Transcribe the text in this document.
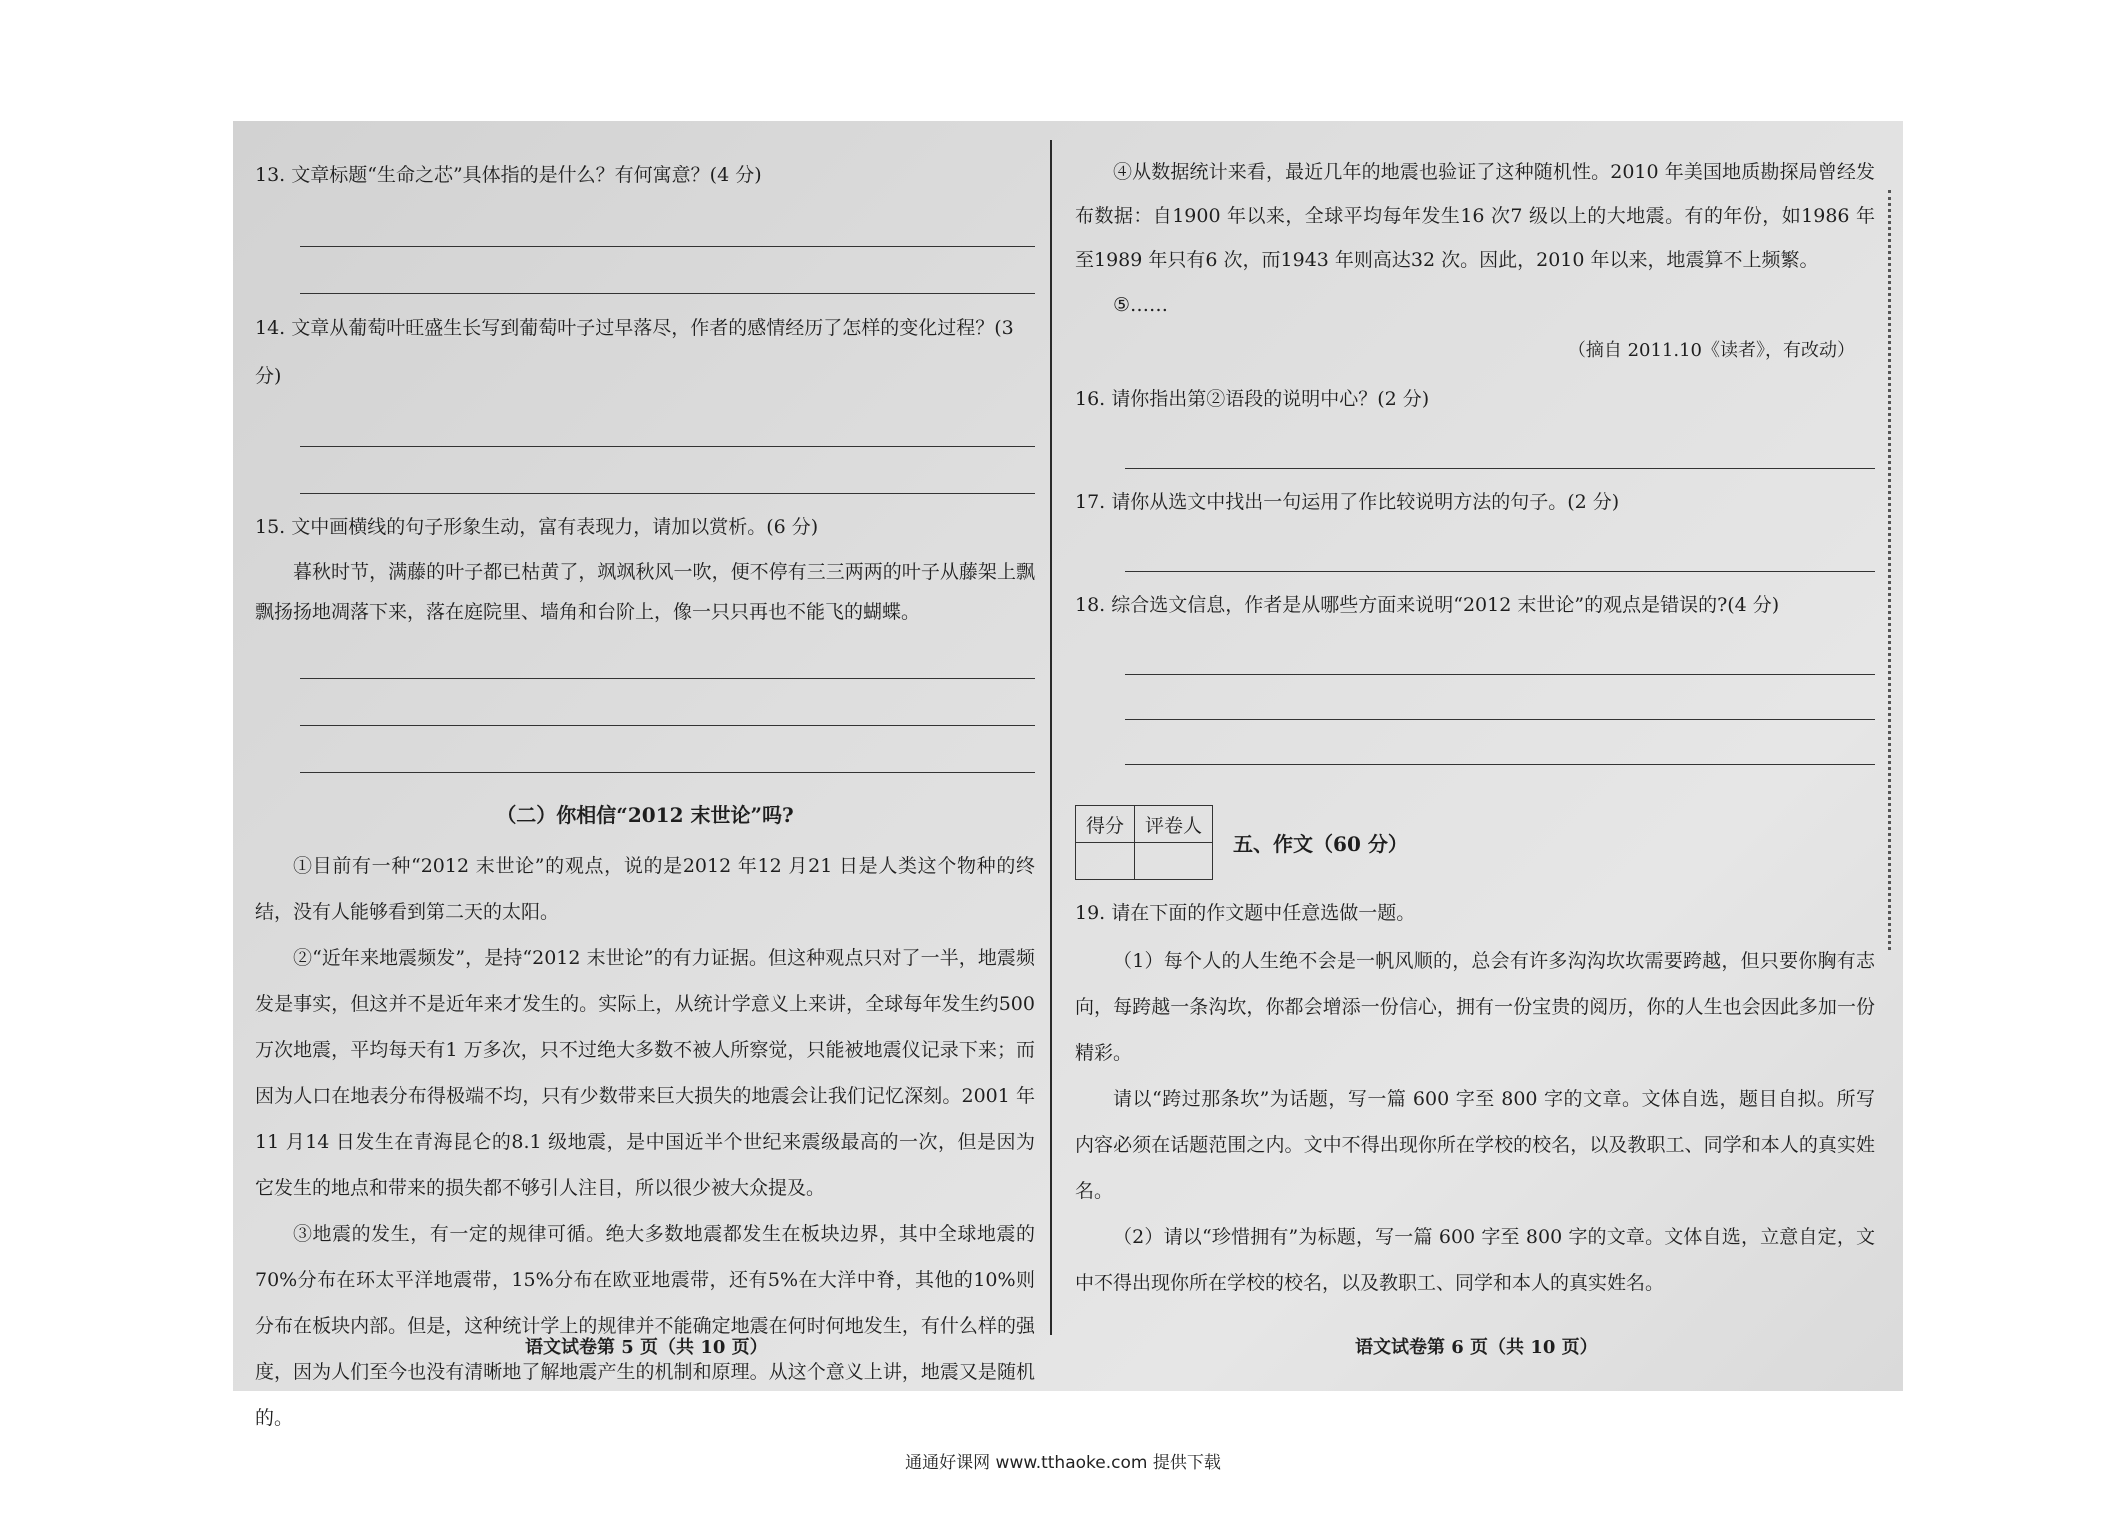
13. 文章标题“生命之芯”具体指的是什么？有何寓意？(4 分)

14. 文章从葡萄叶旺盛生长写到葡萄叶子过早落尽，作者的感情经历了怎样的变化过程？(3 分)

15. 文中画横线的句子形象生动，富有表现力，请加以赏析。(6 分)

暮秋时节，满藤的叶子都已枯黄了，飒飒秋风一吹，便不停有三三两两的叶子从藤架上飘飘扬扬地凋落下来，落在庭院里、墙角和台阶上，像一只只再也不能飞的蝴蝶。

（二）你相信“2012 末世论”吗?

①目前有一种“2012 末世论”的观点，说的是2012 年12 月21 日是人类这个物种的终结，没有人能够看到第二天的太阳。

②“近年来地震频发”，是持“2012 末世论”的有力证据。但这种观点只对了一半，地震频发是事实，但这并不是近年来才发生的。实际上，从统计学意义上来讲，全球每年发生约500 万次地震，平均每天有1 万多次，只不过绝大多数不被人所察觉，只能被地震仪记录下来；而因为人口在地表分布得极端不均，只有少数带来巨大损失的地震会让我们记忆深刻。2001 年11 月14 日发生在青海昆仑的8.1 级地震，是中国近半个世纪来震级最高的一次，但是因为它发生的地点和带来的损失都不够引人注目，所以很少被大众提及。

③地震的发生，有一定的规律可循。绝大多数地震都发生在板块边界，其中全球地震的70%分布在环太平洋地震带，15%分布在欧亚地震带，还有5%在大洋中脊，其他的10%则分布在板块内部。但是，这种统计学上的规律并不能确定地震在何时何地发生，有什么样的强度，因为人们至今也没有清晰地了解地震产生的机制和原理。从这个意义上讲，地震又是随机的。

语文试卷第 5 页（共 10 页）

④从数据统计来看，最近几年的地震也验证了这种随机性。2010 年美国地质勘探局曾经发布数据：自1900 年以来，全球平均每年发生16 次7 级以上的大地震。有的年份，如1986 年至1989 年只有6 次，而1943 年则高达32 次。因此，2010 年以来，地震算不上频繁。

⑤……

（摘自 2011.10《读者》，有改动）

16. 请你指出第②语段的说明中心？(2 分)

17. 请你从选文中找出一句运用了作比较说明方法的句子。(2 分)

18. 综合选文信息，作者是从哪些方面来说明“2012 末世论”的观点是错误的?(4 分)

得分	评卷人

五、作文（60 分）

19. 请在下面的作文题中任意选做一题。

（1）每个人的人生绝不会是一帆风顺的，总会有许多沟沟坎坎需要跨越，但只要你胸有志向，每跨越一条沟坎，你都会增添一份信心，拥有一份宝贵的阅历，你的人生也会因此多加一份精彩。

请以“跨过那条坎”为话题，写一篇 600 字至 800 字的文章。文体自选，题目自拟。所写内容必须在话题范围之内。文中不得出现你所在学校的校名，以及教职工、同学和本人的真实姓名。

（2）请以“珍惜拥有”为标题，写一篇 600 字至 800 字的文章。文体自选，立意自定，文中不得出现你所在学校的校名，以及教职工、同学和本人的真实姓名。

语文试卷第 6 页（共 10 页）
通通好课网 www.tthaoke.com 提供下载
